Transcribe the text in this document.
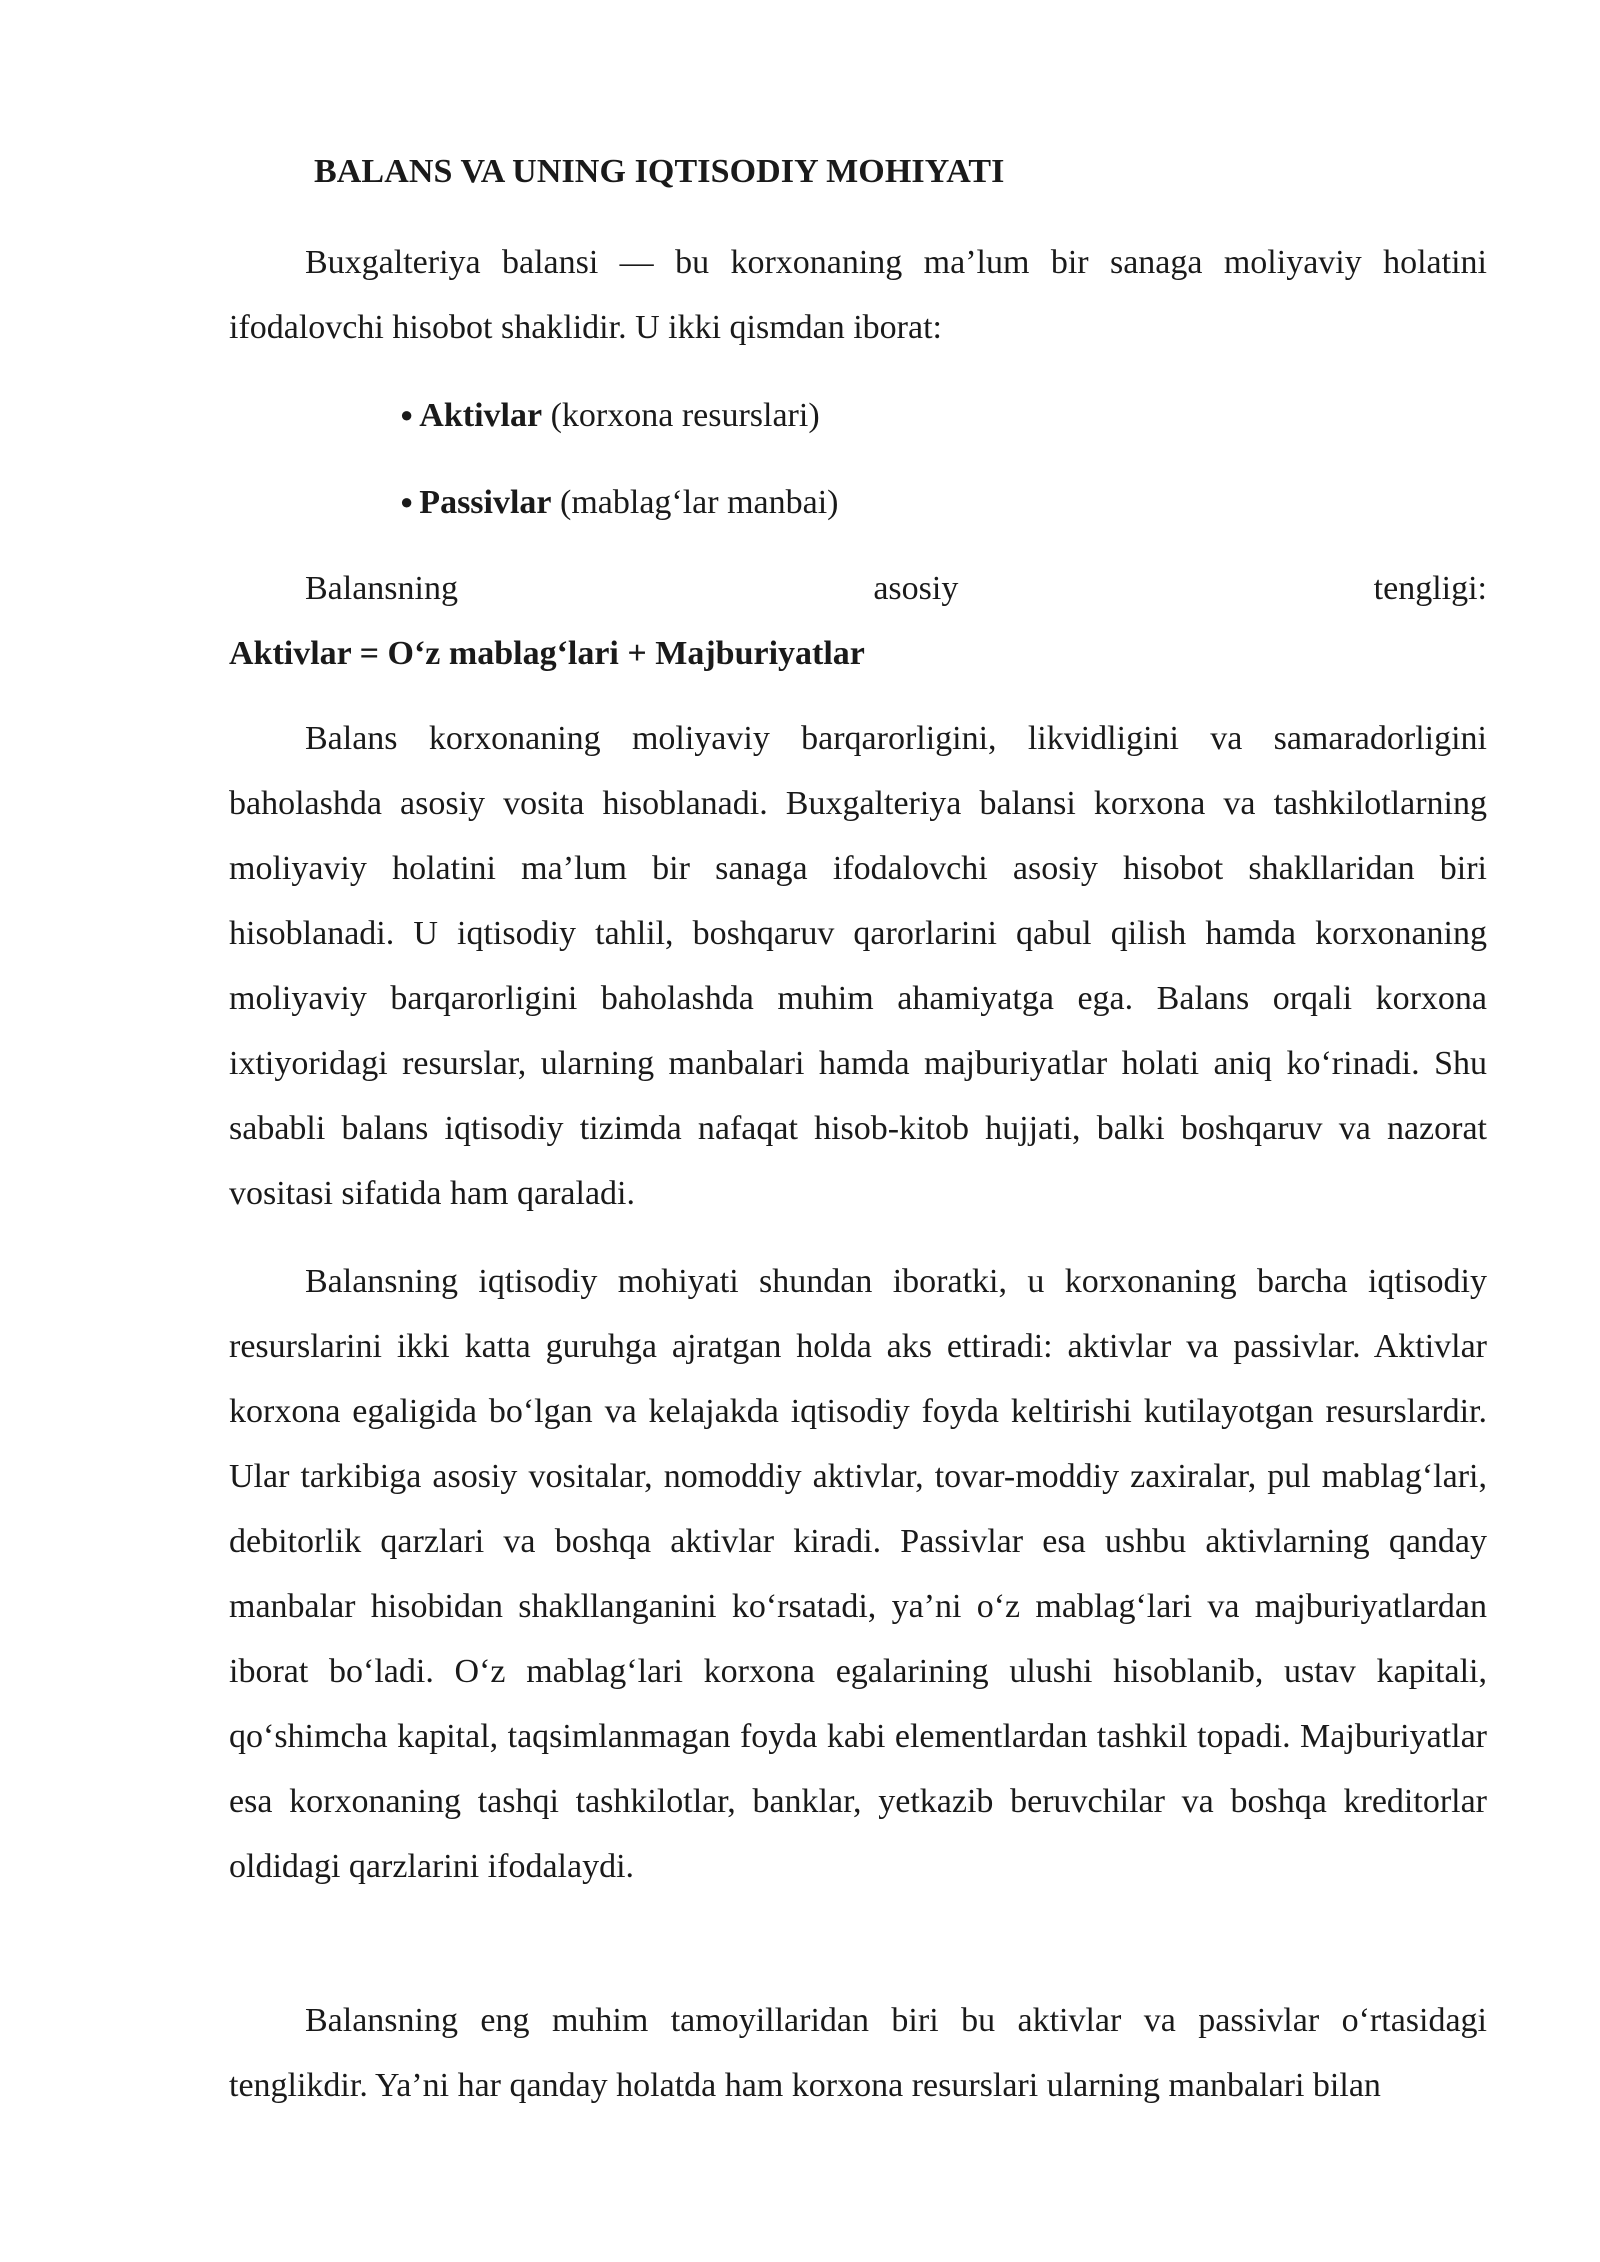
BALANS VA UNING IQTISODIY MOHIYATI
Buxgalteriya balansi — bu korxonaning ma’lum bir sanaga moliyaviy holatini ifodalovchi hisobot shaklidir. U ikki qismdan iborat:
● Aktivlar (korxona resurslari)
● Passivlar (mablag‘lar manbai)
Balansning	asosiy	tengligi:
Aktivlar = O‘z mablag‘lari + Majburiyatlar
Balans korxonaning moliyaviy barqarorligini, likvidligini va samaradorligini baholashda asosiy vosita hisoblanadi. Buxgalteriya balansi korxona va tashkilotlarning moliyaviy holatini ma’lum bir sanaga ifodalovchi asosiy hisobot shakllaridan biri hisoblanadi. U iqtisodiy tahlil, boshqaruv qarorlarini qabul qilish hamda korxonaning moliyaviy barqarorligini baholashda muhim ahamiyatga ega. Balans orqali korxona ixtiyoridagi resurslar, ularning manbalari hamda majburiyatlar holati aniq ko‘rinadi. Shu sababli balans iqtisodiy tizimda nafaqat hisob-kitob hujjati, balki boshqaruv va nazorat vositasi sifatida ham qaraladi.
Balansning iqtisodiy mohiyati shundan iboratki, u korxonaning barcha iqtisodiy resurslarini ikki katta guruhga ajratgan holda aks ettiradi: aktivlar va passivlar. Aktivlar korxona egaligida bo‘lgan va kelajakda iqtisodiy foyda keltirishi kutilayotgan resurslardir. Ular tarkibiga asosiy vositalar, nomoddiy aktivlar, tovar-moddiy zaxiralar, pul mablag‘lari, debitorlik qarzlari va boshqa aktivlar kiradi. Passivlar esa ushbu aktivlarning qanday manbalar hisobidan shakllanganini ko‘rsatadi, ya’ni o‘z mablag‘lari va majburiyatlardan iborat bo‘ladi. O‘z mablag‘lari korxona egalarining ulushi hisoblanib, ustav kapitali, qo‘shimcha kapital, taqsimlanmagan foyda kabi elementlardan tashkil topadi. Majburiyatlar esa korxonaning tashqi tashkilotlar, banklar, yetkazib beruvchilar va boshqa kreditorlar oldidagi qarzlarini ifodalaydi.
Balansning eng muhim tamoyillaridan biri bu aktivlar va passivlar o‘rtasidagi tenglikdir. Ya’ni har qanday holatda ham korxona resurslari ularning manbalari bilan
